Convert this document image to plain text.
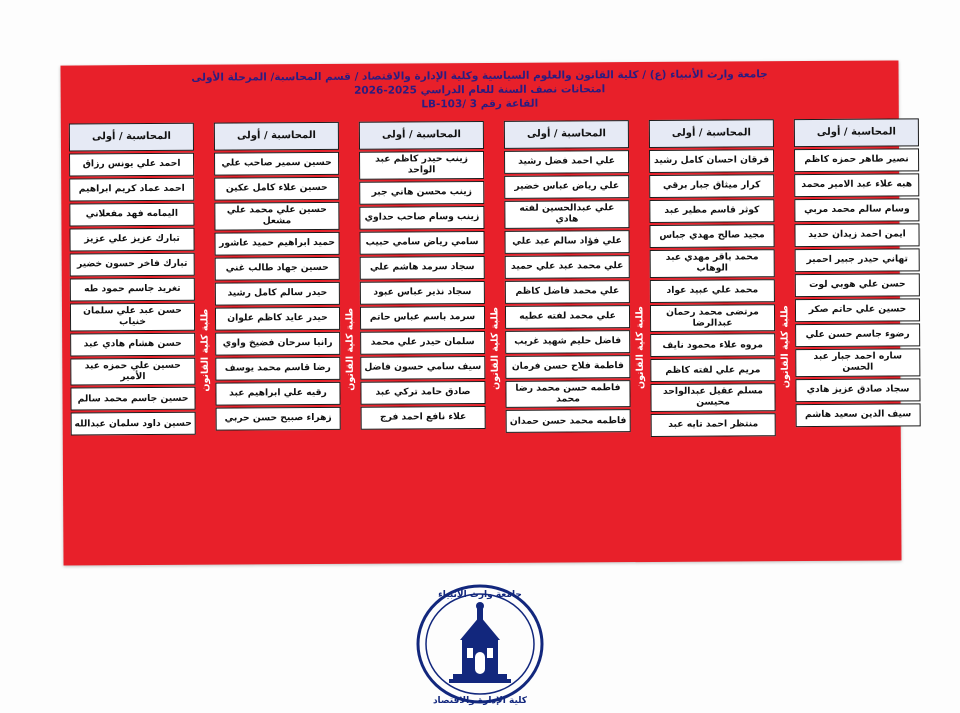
جامعة وارث الأنبياء (ع) / كلية القانون والعلوم السياسية وكلية الإدارة والاقتصاد / قسم المحاسبة/ المرحلة الأولى
امتحانات نصف السنة للعام الدراسي 2025-2026
القاعة رقم 3 /LB-103
المحاسبة / أولى
احمد علي يونس رزاق
احمد عماد كريم ابراهيم
اليمامه فهد مفعلاني
تبارك عزيز علي عزيز
تبارك فاخر حسون خضير
تغريد جاسم حمود طه
حسن عبد علي سلمان خنياب
حسن هشام هادي عبد
حسين علي حمزه عبد الأمير
حسين جاسم محمد سالم
حسين داود سلمان عبدالله
طلبة كلية القانون
المحاسبة / أولى
حسين سمير صاحب علي
حسين علاء كامل عكين
حسين علي محمد علي مشعل
حميد ابراهيم حميد عاشور
حسين جهاد طالب غني
حيدر سالم كامل رشيد
حيدر عايد كاظم علوان
رانيا سرحان فضيخ واوي
رضا قاسم محمد يوسف
رقيه علي ابراهيم عبد
زهراء صبيح حسن حربي
طلبة كلية القانون
المحاسبة / أولى
زينب حيدر كاظم عبد الواحد
زينب محسن هاني جبر
زينب وسام صاحب حداوي
سامي رياض سامي حبيب
سجاد سرمد هاشم علي
سجاد نذير عباس عبود
سرمد باسم عباس حاتم
سلمان حيدر علي محمد
سيف سامي حسون فاضل
صادق حامد تركي عبد
علاء نافع احمد فرج
طلبة كلية القانون
المحاسبة / أولى
علي احمد فضل رشيد
علي رياض عباس خضير
علي عبدالحسين لفته هادي
علي فؤاد سالم عبد علي
علي محمد عبد علي حميد
علي محمد فاضل كاظم
علي محمد لفته عطيه
فاضل حليم شهيد غريب
فاطمة فلاح حسن فرمان
فاطمه حسن محمد رضا محمد
فاطمه محمد حسن حمدان
طلبة كلية القانون
المحاسبة / أولى
فرقان احسان كامل رشيد
كرار ميثاق جبار برقي
كوثر قاسم مطير عبد
مجيد صالح مهدي جباس
محمد باقر مهدي عبد الوهاب
محمد علي عبيد عواد
مرتضى محمد رحمان عبدالرضا
مروه علاء محمود نايف
مريم علي لفته كاظم
مسلم عقيل عبدالواحد محيسن
منتظر احمد تايه عبد
طلبة كلية القانون
المحاسبة / أولى
نصير طاهر حمزه كاظم
هبه علاء عبد الامير محمد
وسام سالم محمد مربي
ايمن احمد زيدان حديد
تهاني حيدر جبير احمير
حسن علي هوبي لوت
حسين علي حاتم صكر
رضوء جاسم حسن علي
ساره احمد جبار عبد الحسن
سجاد صادق عزيز هادي
سيف الدين سعيد هاشم
جامعة وارث الأنبياء
كلية الإدارة والاقتصاد
